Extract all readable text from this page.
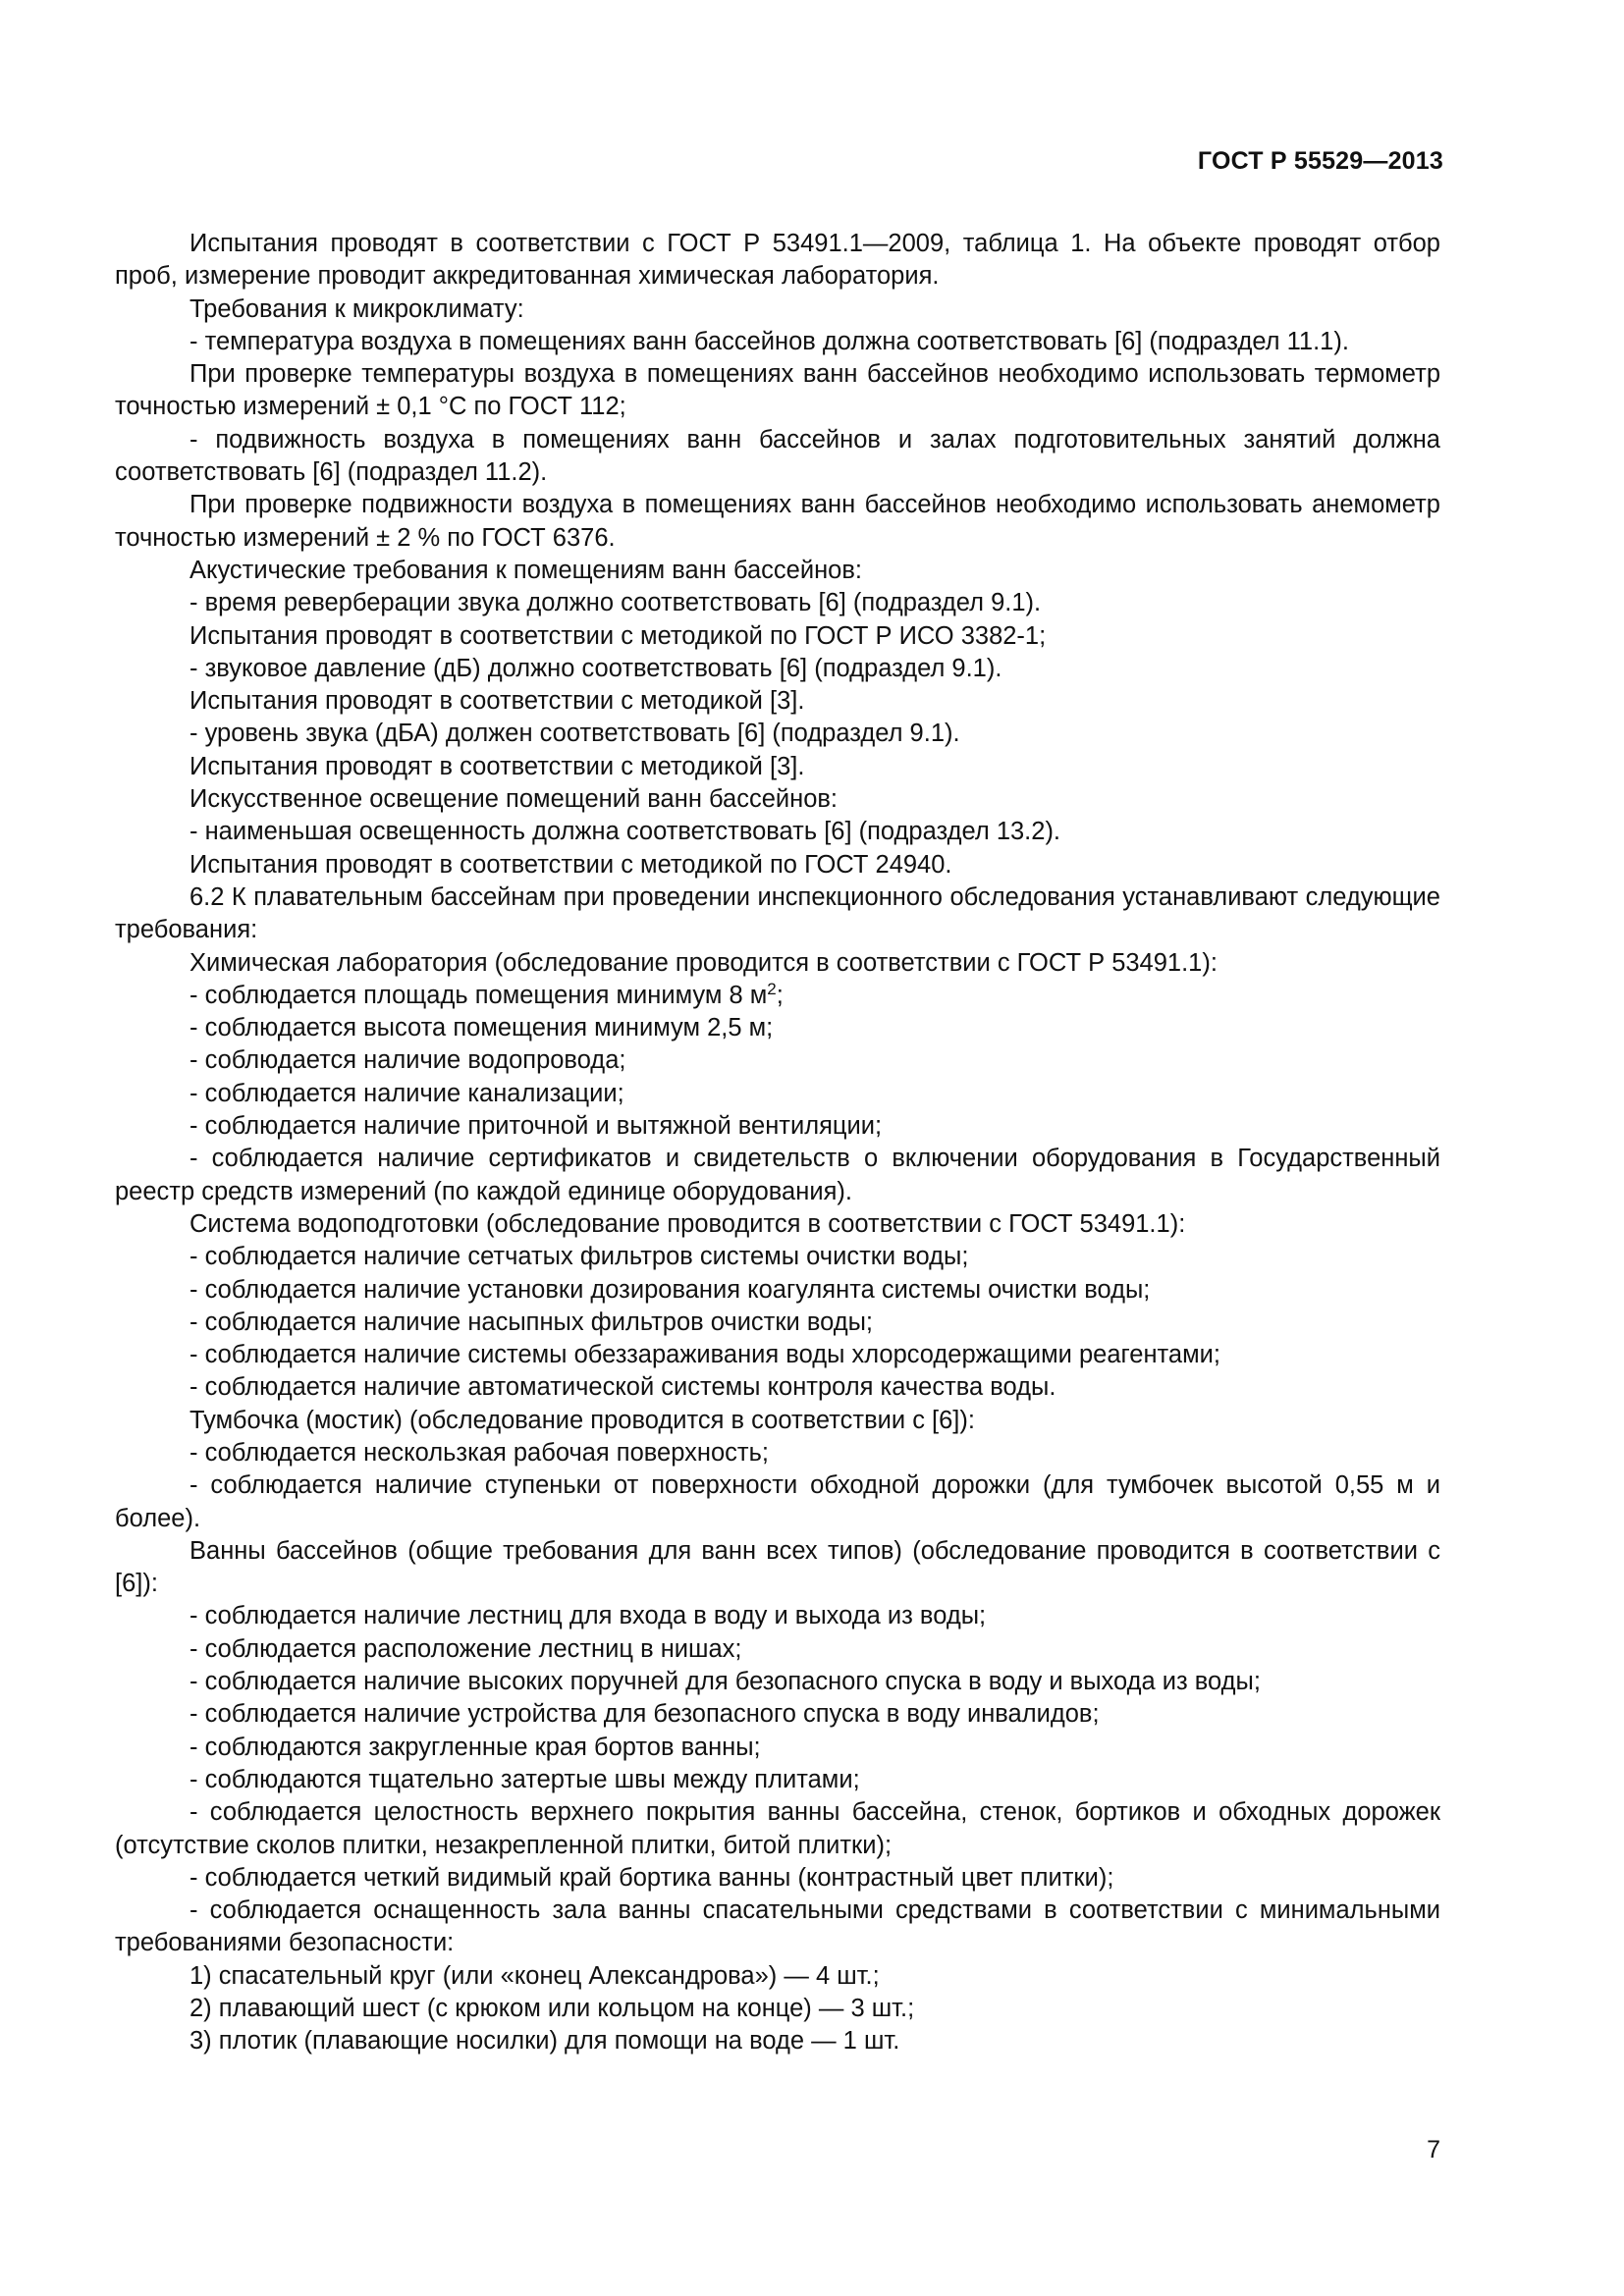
ГОСТ Р 55529—2013

Испытания проводят в соответствии с ГОСТ Р 53491.1—2009, таблица 1. На объекте проводят отбор проб, измерение проводит аккредитованная химическая лаборатория.

Требования к микроклимату:

- температура воздуха в помещениях ванн бассейнов должна соответствовать [6] (подраздел 11.1).

При проверке температуры воздуха в помещениях ванн бассейнов необходимо использовать термометр точностью измерений ± 0,1 °С по ГОСТ 112;

- подвижность воздуха в помещениях ванн бассейнов и залах подготовительных занятий должна соответствовать [6] (подраздел 11.2).

При проверке подвижности воздуха в помещениях ванн бассейнов необходимо использовать анемометр точностью измерений ± 2 % по ГОСТ 6376.

Акустические требования к помещениям ванн бассейнов:

- время реверберации звука должно соответствовать [6] (подраздел 9.1).

Испытания проводят в соответствии с методикой по ГОСТ Р ИСО 3382-1;

- звуковое давление (дБ) должно соответствовать [6] (подраздел 9.1).

Испытания проводят в соответствии с методикой [3].

- уровень звука (дБА) должен соответствовать [6] (подраздел 9.1).

Испытания проводят в соответствии с методикой [3].

Искусственное освещение помещений ванн бассейнов:

- наименьшая освещенность должна соответствовать [6] (подраздел 13.2).

Испытания проводят в соответствии с методикой по ГОСТ 24940.

6.2 К плавательным бассейнам при проведении инспекционного обследования устанавливают следующие требования:

Химическая лаборатория (обследование проводится в соответствии с ГОСТ Р 53491.1):

- соблюдается площадь помещения минимум 8 $м^2$;

- соблюдается высота помещения минимум 2,5 м;

- соблюдается наличие водопровода;

- соблюдается наличие канализации;

- соблюдается наличие приточной и вытяжной вентиляции;

- соблюдается наличие сертификатов и свидетельств о включении оборудования в Государственный реестр средств измерений (по каждой единице оборудования).

Система водоподготовки (обследование проводится в соответствии с ГОСТ 53491.1):

- соблюдается наличие сетчатых фильтров системы очистки воды;

- соблюдается наличие установки дозирования коагулянта системы очистки воды;

- соблюдается наличие насыпных фильтров очистки воды;

- соблюдается наличие системы обеззараживания воды хлорсодержащими реагентами;

- соблюдается наличие автоматической системы контроля качества воды.

Тумбочка (мостик) (обследование проводится в соответствии с [6]):

- соблюдается нескользкая рабочая поверхность;

- соблюдается наличие ступеньки от поверхности обходной дорожки (для тумбочек высотой 0,55 м и более).

Ванны бассейнов (общие требования для ванн всех типов) (обследование проводится в соответствии с [6]):

- соблюдается наличие лестниц для входа в воду и выхода из воды;

- соблюдается расположение лестниц в нишах;

- соблюдается наличие высоких поручней для безопасного спуска в воду и выхода из воды;

- соблюдается наличие устройства для безопасного спуска в воду инвалидов;

- соблюдаются закругленные края бортов ванны;

- соблюдаются тщательно затертые швы между плитами;

- соблюдается целостность верхнего покрытия ванны бассейна, стенок, бортиков и обходных дорожек (отсутствие сколов плитки, незакрепленной плитки, битой плитки);

- соблюдается четкий видимый край бортика ванны (контрастный цвет плитки);

- соблюдается оснащенность зала ванны спасательными средствами в соответствии с минимальными требованиями безопасности:

1) спасательный круг (или «конец Александрова») — 4 шт.;

2) плавающий шест (с крюком или кольцом на конце) — 3 шт.;

3) плотик (плавающие носилки) для помощи на воде — 1 шт.

7
